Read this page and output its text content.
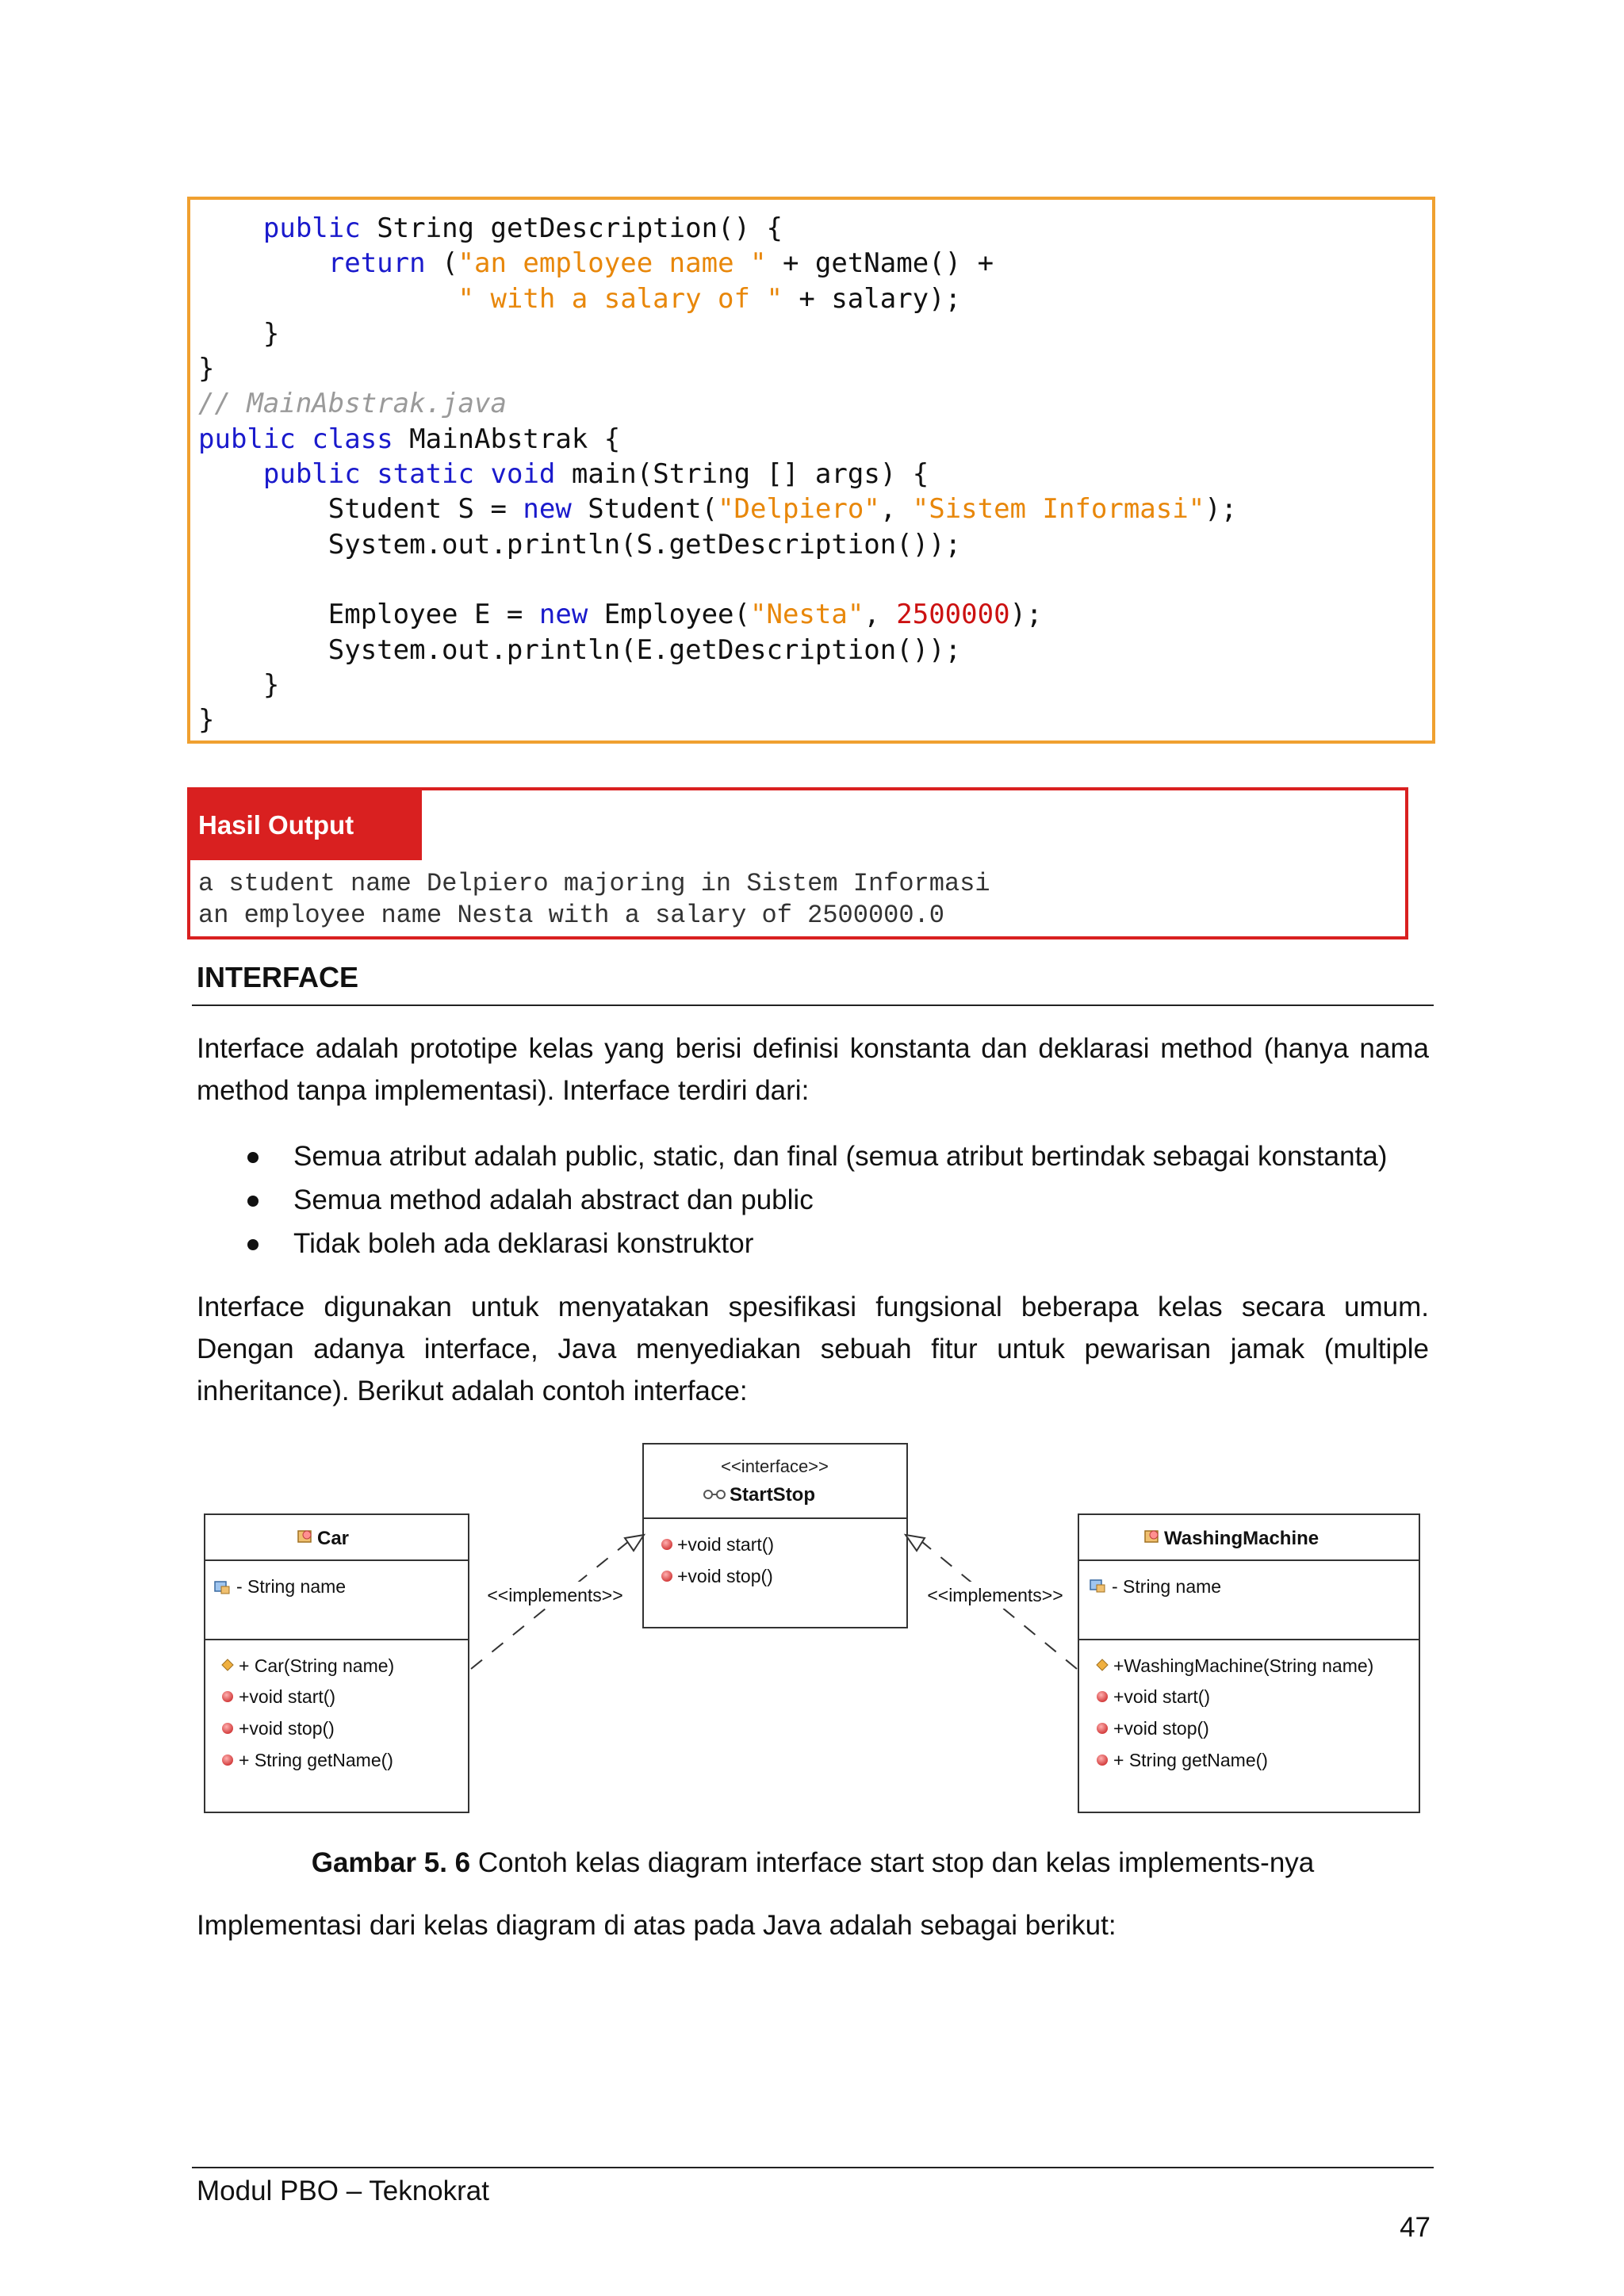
public String getDescription() {
return ("an employee name " + getName() +
" with a salary of " + salary);
}
}
// MainAbstrak.java
public class MainAbstrak {
public static void main(String [] args) {
Student S = new Student("Delpiero", "Sistem Informasi");
System.out.println(S.getDescription());

Employee E = new Employee("Nesta", 2500000);
System.out.println(E.getDescription());
}
}
Hasil Output
a student name Delpiero majoring in Sistem Informasi
an employee name Nesta with a salary of 2500000.0
INTERFACE
Interface adalah prototipe kelas yang berisi definisi konstanta dan deklarasi method (hanya nama method tanpa implementasi). Interface terdiri dari:
Semua atribut adalah public, static, dan final (semua atribut bertindak sebagai konstanta)
Semua method adalah abstract dan public
Tidak boleh ada deklarasi konstruktor
Interface digunakan untuk menyatakan spesifikasi fungsional beberapa kelas secara umum. Dengan adanya interface, Java menyediakan sebuah fitur untuk pewarisan jamak (multiple inheritance). Berikut adalah contoh interface:
<<interface>>
StartStop
+void start()
+void stop()
Car
- String name
+ Car(String name)
+void start()
+void stop()
+ String getName()
WashingMachine
- String name
+WashingMachine(String name)
+void start()
+void stop()
+ String getName()
<<implements>>	<<implements>>
Gambar 5. 6 Contoh kelas diagram interface start stop dan kelas implements-nya
Implementasi dari kelas diagram di atas pada Java adalah sebagai berikut:
Modul PBO – Teknokrat
47
